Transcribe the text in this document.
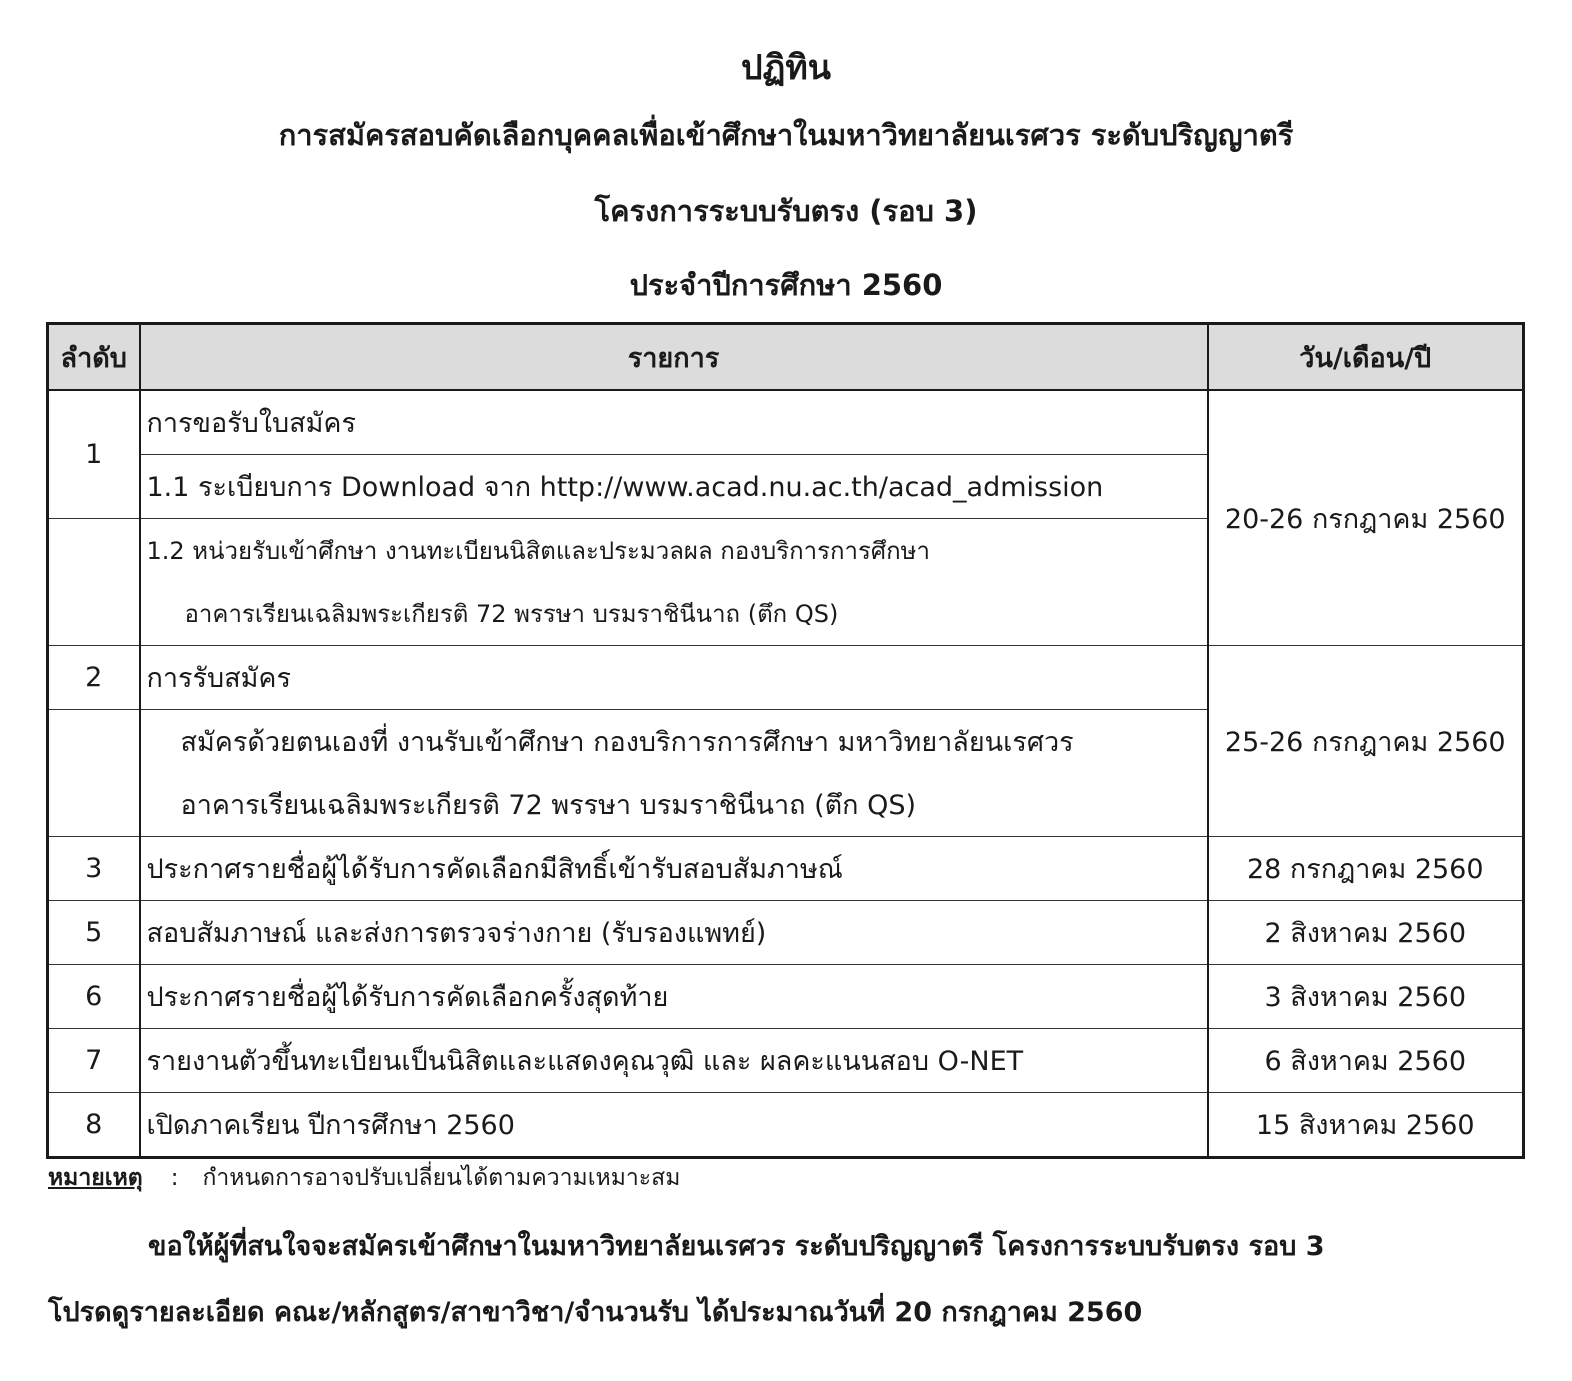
ปฏิทิน
การสมัครสอบคัดเลือกบุคคลเพื่อเข้าศึกษาในมหาวิทยาลัยนเรศวร ระดับปริญญาตรี
โครงการระบบรับตรง (รอบ 3)
ประจำปีการศึกษา 2560
ลำดับ	รายการ	วัน/เดือน/ปี
1	การขอรับใบสมัคร	20-26 กรกฎาคม 2560
	1.1 ระเบียบการ Download จาก http://www.acad.nu.ac.th/acad_admission	
	1.2 หน่วยรับเข้าศึกษา งานทะเบียนนิสิตและประมวลผล กองบริการการศึกษา	
	อาคารเรียนเฉลิมพระเกียรติ 72 พรรษา บรมราชินีนาถ (ตึก QS)	
2	การรับสมัคร	25-26 กรกฎาคม 2560
	สมัครด้วยตนเองที่ งานรับเข้าศึกษา กองบริการการศึกษา มหาวิทยาลัยนเรศวร	
	อาคารเรียนเฉลิมพระเกียรติ 72 พรรษา บรมราชินีนาถ (ตึก QS)	
3	ประกาศรายชื่อผู้ได้รับการคัดเลือกมีสิทธิ์เข้ารับสอบสัมภาษณ์	28 กรกฎาคม 2560
5	สอบสัมภาษณ์ และส่งการตรวจร่างกาย (รับรองแพทย์)	2 สิงหาคม 2560
6	ประกาศรายชื่อผู้ได้รับการคัดเลือกครั้งสุดท้าย	3 สิงหาคม 2560
7	รายงานตัวขึ้นทะเบียนเป็นนิสิตและแสดงคุณวุฒิ และ ผลคะแนนสอบ O-NET	6 สิงหาคม 2560
8	เปิดภาคเรียน ปีการศึกษา 2560	15 สิงหาคม 2560
หมายเหตุ : กำหนดการอาจปรับเปลี่ยนได้ตามความเหมาะสม
ขอให้ผู้ที่สนใจจะสมัครเข้าศึกษาในมหาวิทยาลัยนเรศวร ระดับปริญญาตรี โครงการระบบรับตรง รอบ 3
โปรดดูรายละเอียด คณะ/หลักสูตร/สาขาวิชา/จำนวนรับ ได้ประมาณวันที่ 20 กรกฎาคม 2560
